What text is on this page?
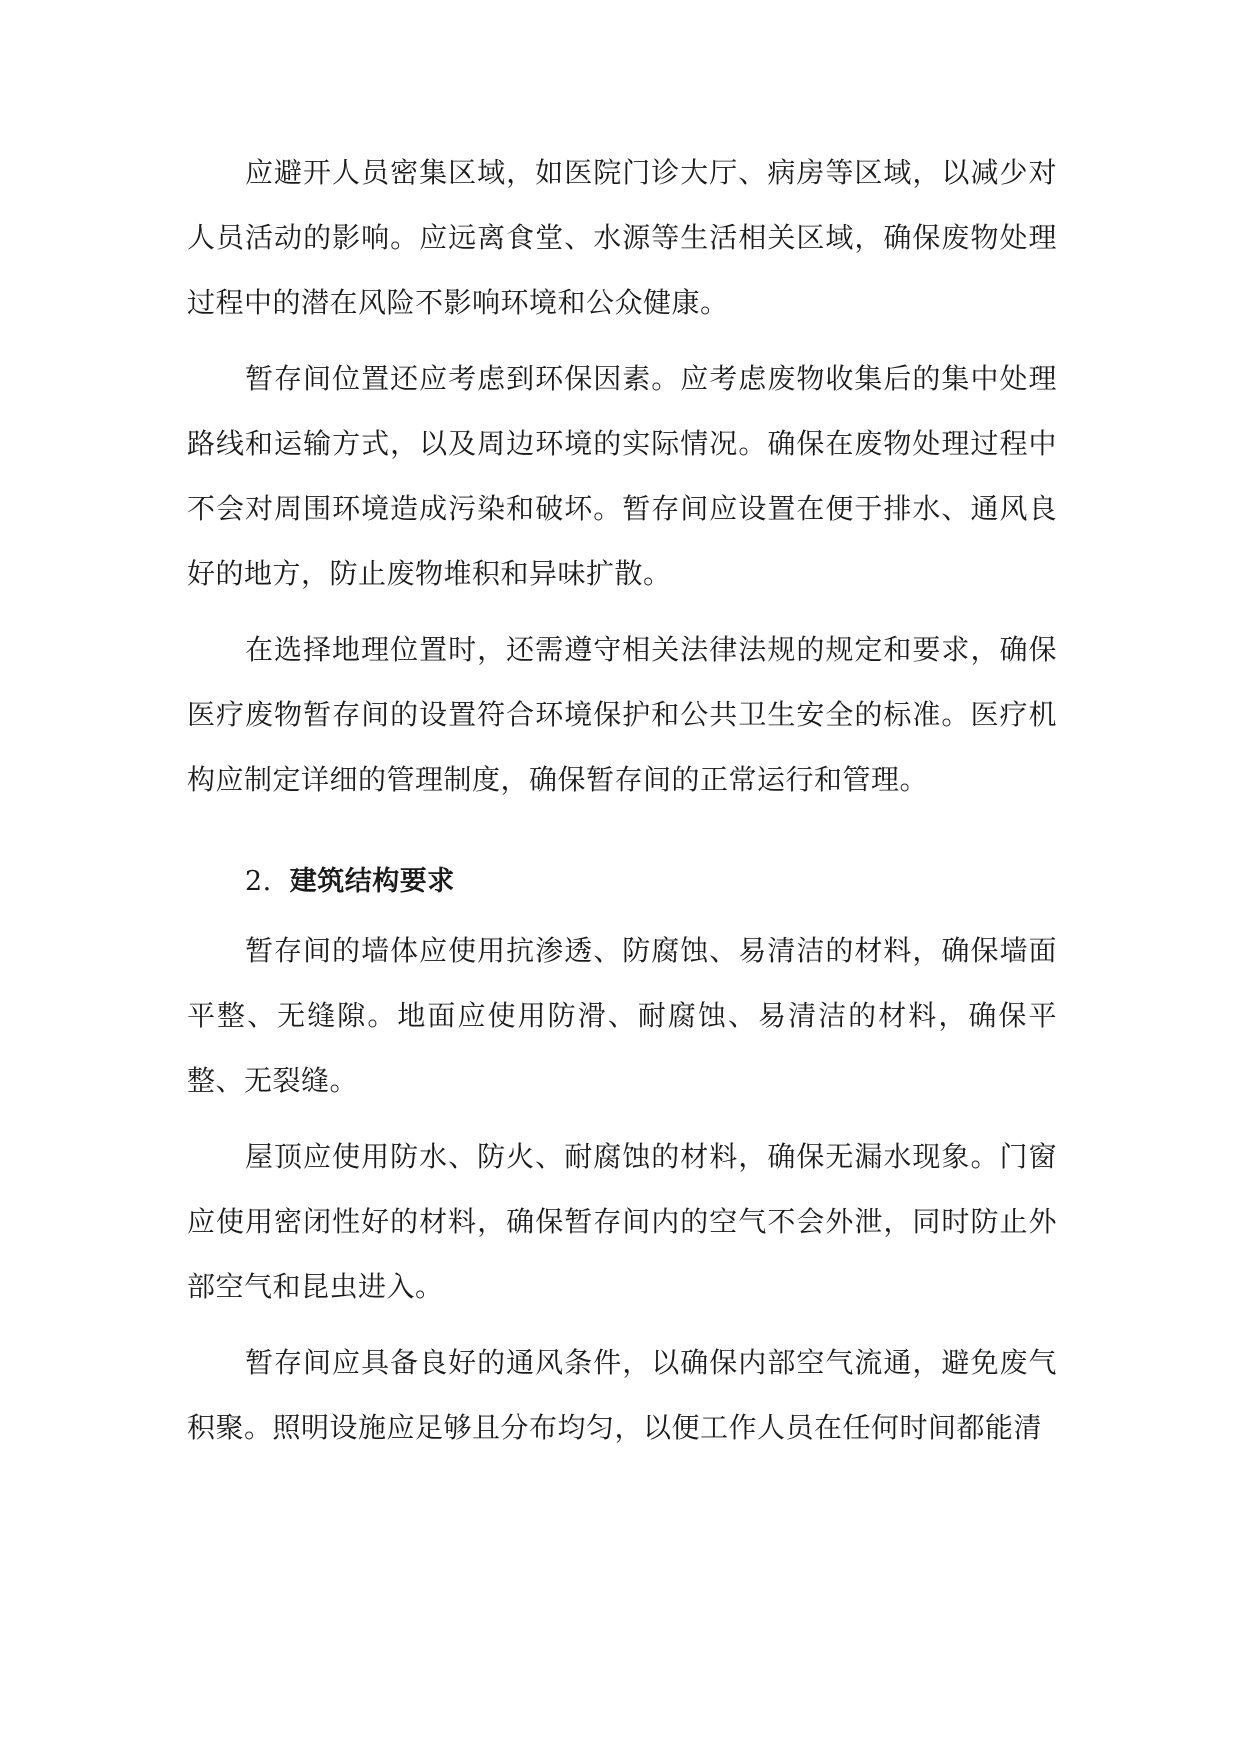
应避开人员密集区域，如医院门诊大厅、病房等区域，以减少对人员活动的影响。应远离食堂、水源等生活相关区域，确保废物处理过程中的潜在风险不影响环境和公众健康。

暂存间位置还应考虑到环保因素。应考虑废物收集后的集中处理路线和运输方式，以及周边环境的实际情况。确保在废物处理过程中不会对周围环境造成污染和破坏。暂存间应设置在便于排水、通风良好的地方，防止废物堆积和异味扩散。

在选择地理位置时，还需遵守相关法律法规的规定和要求，确保医疗废物暂存间的设置符合环境保护和公共卫生安全的标准。医疗机构应制定详细的管理制度，确保暂存间的正常运行和管理。

2. 建筑结构要求

暂存间的墙体应使用抗渗透、防腐蚀、易清洁的材料，确保墙面平整、无缝隙。地面应使用防滑、耐腐蚀、易清洁的材料，确保平整、无裂缝。

屋顶应使用防水、防火、耐腐蚀的材料，确保无漏水现象。门窗应使用密闭性好的材料，确保暂存间内的空气不会外泄，同时防止外部空气和昆虫进入。

暂存间应具备良好的通风条件，以确保内部空气流通，避免废气积聚。照明设施应足够且分布均匀，以便工作人员在任何时间都能清
